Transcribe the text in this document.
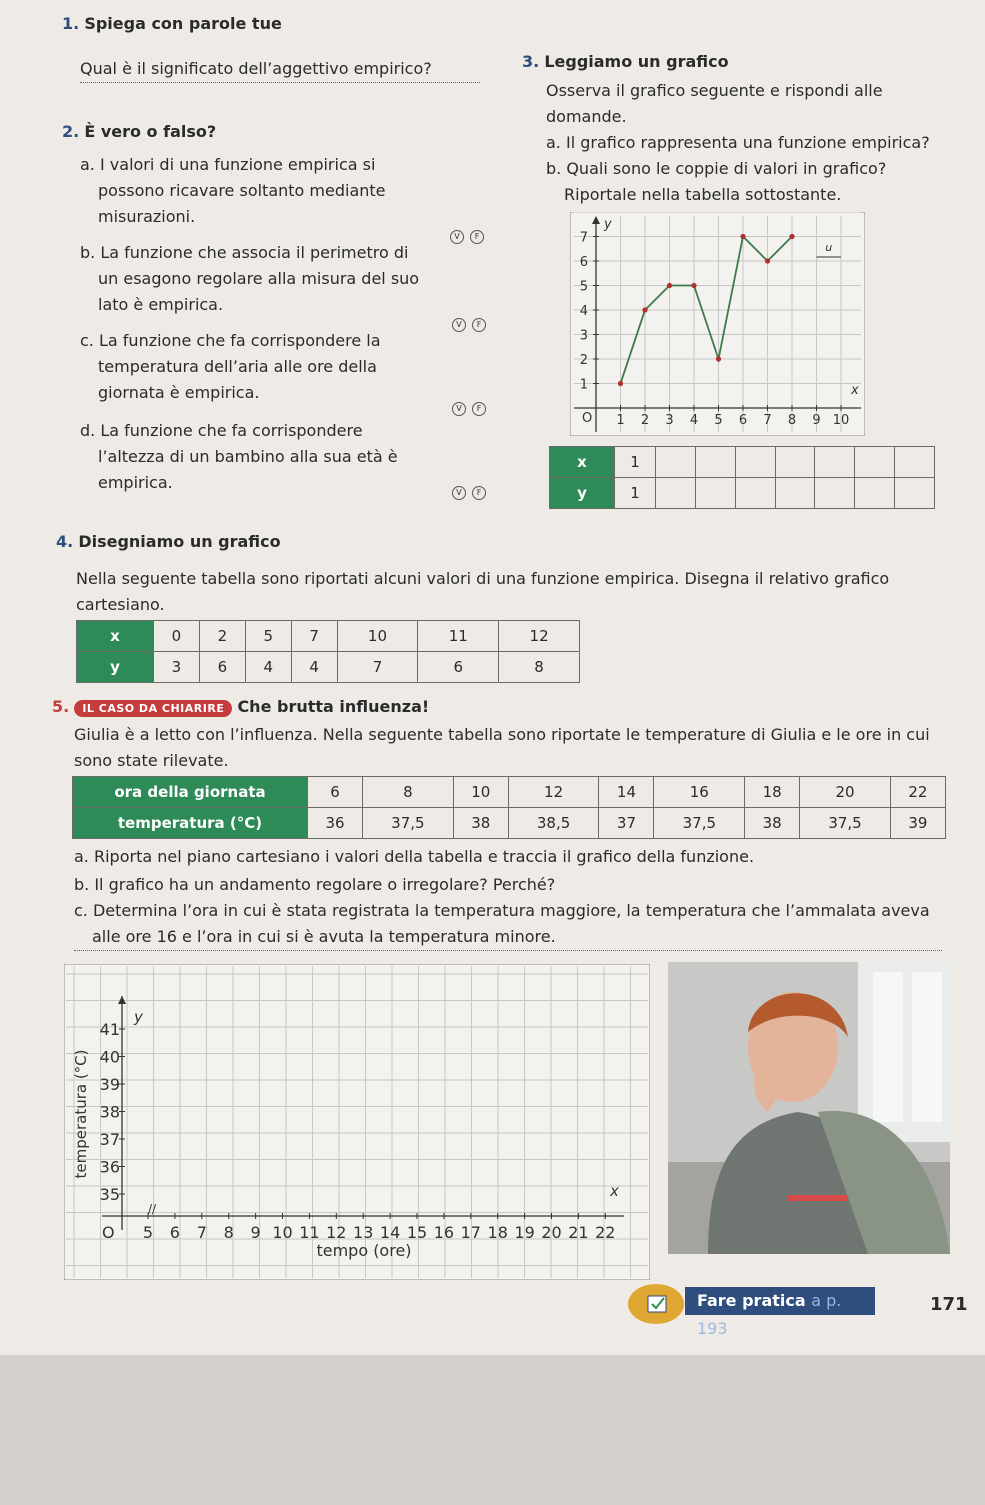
1. Spiega con parole tue
Qual è il significato dell’aggettivo empirico?
2. È vero o falso?
a. I valori di una funzione empirica si
possono ricavare soltanto mediante
misurazioni.
V	F
b. La funzione che associa il perimetro di
un esagono regolare alla misura del suo
lato è empirica.
V	F
c. La funzione che fa corrispondere la
temperatura dell’aria alle ore della
giornata è empirica.
V	F
d. La funzione che fa corrispondere
l’altezza di un bambino alla sua età è
empirica.
V	F
3. Leggiamo un grafico
Osserva il grafico seguente e rispondi alle
domande.
a. Il grafico rappresenta una funzione empirica?
b. Quali sono le coppie di valori in grafico?
Riportale nella tabella sottostante.
y
x
O 1 2 3 4 5 6 7 8 9 10
1
2
3
4
5
6
7
u
x	1							
y	1							
4. Disegniamo un grafico
Nella seguente tabella sono riportati alcuni valori di una funzione empirica. Disegna il relativo grafico
cartesiano.
x	0	2	5	7	10	11	12
y	3	6	4	4	7	6	8
5. IL CASO DA CHIARIRE Che brutta influenza!
Giulia è a letto con l’influenza. Nella seguente tabella sono riportate le temperature di Giulia e le ore in cui
sono state rilevate.
ora della giornata	6	8	10	12	14	16	18	20	22
temperatura (°C)	36	37,5	38	38,5	37	37,5	38	37,5	39
a. Riporta nel piano cartesiano i valori della tabella e traccia il grafico della funzione.
b. Il grafico ha un andamento regolare o irregolare? Perché?
c. Determina l’ora in cui è stata registrata la temperatura maggiore, la temperatura che l’ammalata aveva
alle ore 16 e l’ora in cui si è avuta la temperatura minore.
y
x
O
//
35
36
37
38
39
40
41
5 6 7 8 9 10 11 12 13 14 15 16 17 18 19 20 21 22
tempo (ore)
temperatura (°C)
Fare pratica a p. 193
171
